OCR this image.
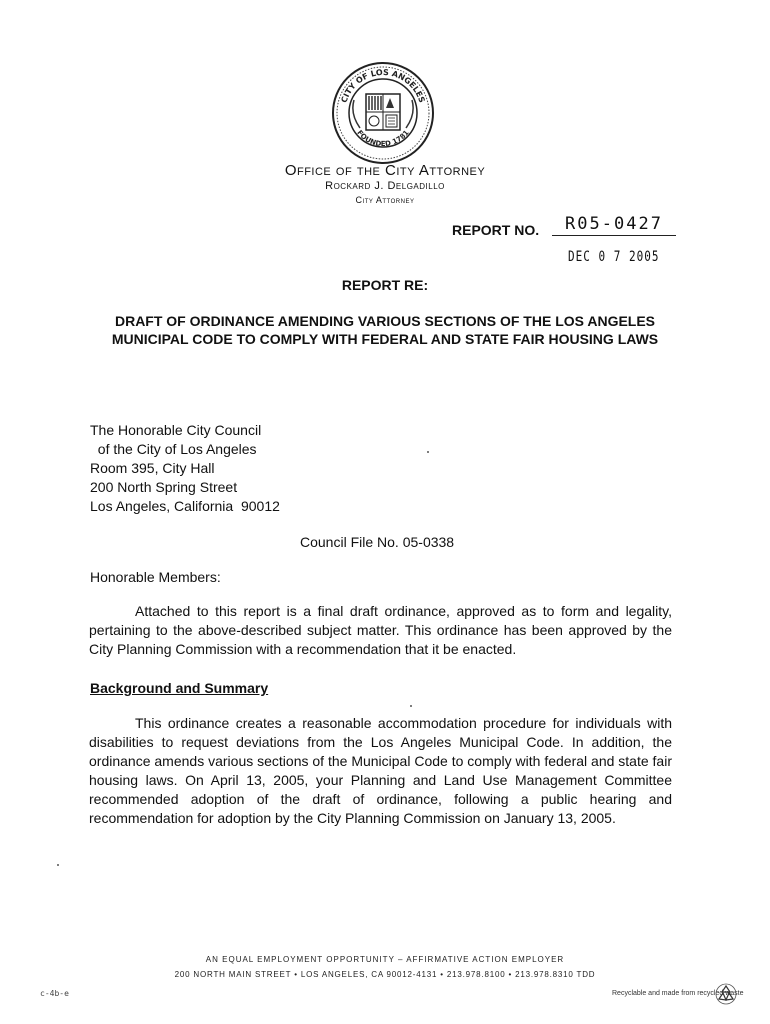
CITY OF LOS ANGELES
FOUNDED 1781
Office of the City Attorney
Rockard J. Delgadillo
City Attorney
REPORT NO.	R05-0427
DEC 0 7 2005
REPORT RE:
DRAFT OF ORDINANCE AMENDING VARIOUS SECTIONS OF THE LOS ANGELES MUNICIPAL CODE TO COMPLY WITH FEDERAL AND STATE FAIR HOUSING LAWS
The Honorable City Council
of the City of Los Angeles
Room 395, City Hall
200 North Spring Street
Los Angeles, California  90012
Council File No. 05-0338
Honorable Members:
Attached to this report is a final draft ordinance, approved as to form and legality, pertaining to the above-described subject matter. This ordinance has been approved by the City Planning Commission with a recommendation that it be enacted.
Background and Summary
This ordinance creates a reasonable accommodation procedure for individuals with disabilities to request deviations from the Los Angeles Municipal Code. In addition, the ordinance amends various sections of the Municipal Code to comply with federal and state fair housing laws. On April 13, 2005, your Planning and Land Use Management Committee recommended adoption of the draft of ordinance, following a public hearing and recommendation for adoption by the City Planning Commission on January 13, 2005.
AN EQUAL EMPLOYMENT OPPORTUNITY – AFFIRMATIVE ACTION EMPLOYER
200 NORTH MAIN STREET • LOS ANGELES, CA 90012-4131 • 213.978.8100 • 213.978.8310 TDD
Recyclable and made from recycled waste
c-4b-e
